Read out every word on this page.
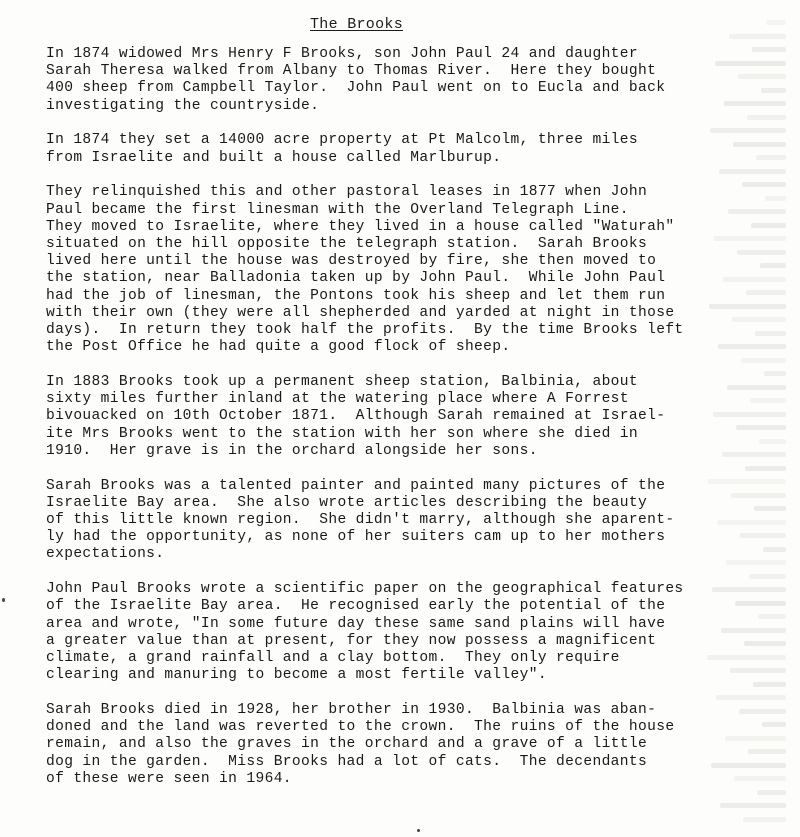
The Brooks
In 1874 widowed Mrs Henry F Brooks, son John Paul 24 and daughter
Sarah Theresa walked from Albany to Thomas River.  Here they bought
400 sheep from Campbell Taylor.  John Paul went on to Eucla and back
investigating the countryside.
In 1874 they set a 14000 acre property at Pt Malcolm, three miles
from Israelite and built a house called Marlburup.
They relinquished this and other pastoral leases in 1877 when John
Paul became the first linesman with the Overland Telegraph Line.
They moved to Israelite, where they lived in a house called "Waturah"
situated on the hill opposite the telegraph station.  Sarah Brooks
lived here until the house was destroyed by fire, she then moved to
the station, near Balladonia taken up by John Paul.  While John Paul
had the job of linesman, the Pontons took his sheep and let them run
with their own (they were all shepherded and yarded at night in those
days).  In return they took half the profits.  By the time Brooks left
the Post Office he had quite a good flock of sheep.
In 1883 Brooks took up a permanent sheep station, Balbinia, about
sixty miles further inland at the watering place where A Forrest
bivouacked on 10th October 1871.  Although Sarah remained at Israel-
ite Mrs Brooks went to the station with her son where she died in
1910.  Her grave is in the orchard alongside her sons.
Sarah Brooks was a talented painter and painted many pictures of the
Israelite Bay area.  She also wrote articles describing the beauty
of this little known region.  She didn't marry, although she aparent-
ly had the opportunity, as none of her suiters cam up to her mothers
expectations.
John Paul Brooks wrote a scientific paper on the geographical features
of the Israelite Bay area.  He recognised early the potential of the
area and wrote, "In some future day these same sand plains will have
a greater value than at present, for they now possess a magnificent
climate, a grand rainfall and a clay bottom.  They only require
clearing and manuring to become a most fertile valley".
Sarah Brooks died in 1928, her brother in 1930.  Balbinia was aban-
doned and the land was reverted to the crown.  The ruins of the house
remain, and also the graves in the orchard and a grave of a little
dog in the garden.  Miss Brooks had a lot of cats.  The decendants
of these were seen in 1964.
